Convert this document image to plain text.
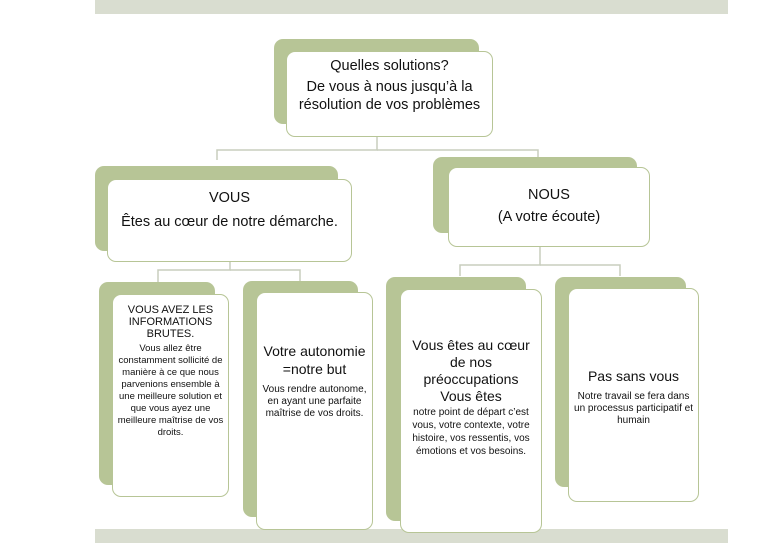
Quelles solutions?
De vous à nous jusqu’à la résolution de vos problèmes
VOUS
Êtes au cœur de notre démarche.
NOUS
(A votre écoute)
VOUS AVEZ LES INFORMATIONS BRUTES.
Vous allez être constamment sollicité de manière à ce que nous parvenions ensemble à une meilleure solution et que vous ayez une meilleure maîtrise de vos droits.
Votre autonomie =notre but
Vous rendre autonome, en ayant une parfaite maîtrise de vos droits.
Vous êtes au cœur de nos préoccupations Vous êtes
notre point de départ c’est vous, votre contexte, votre histoire, vos ressentis, vos émotions et vos besoins.
Pas sans vous
Notre travail se fera dans un processus participatif et humain
